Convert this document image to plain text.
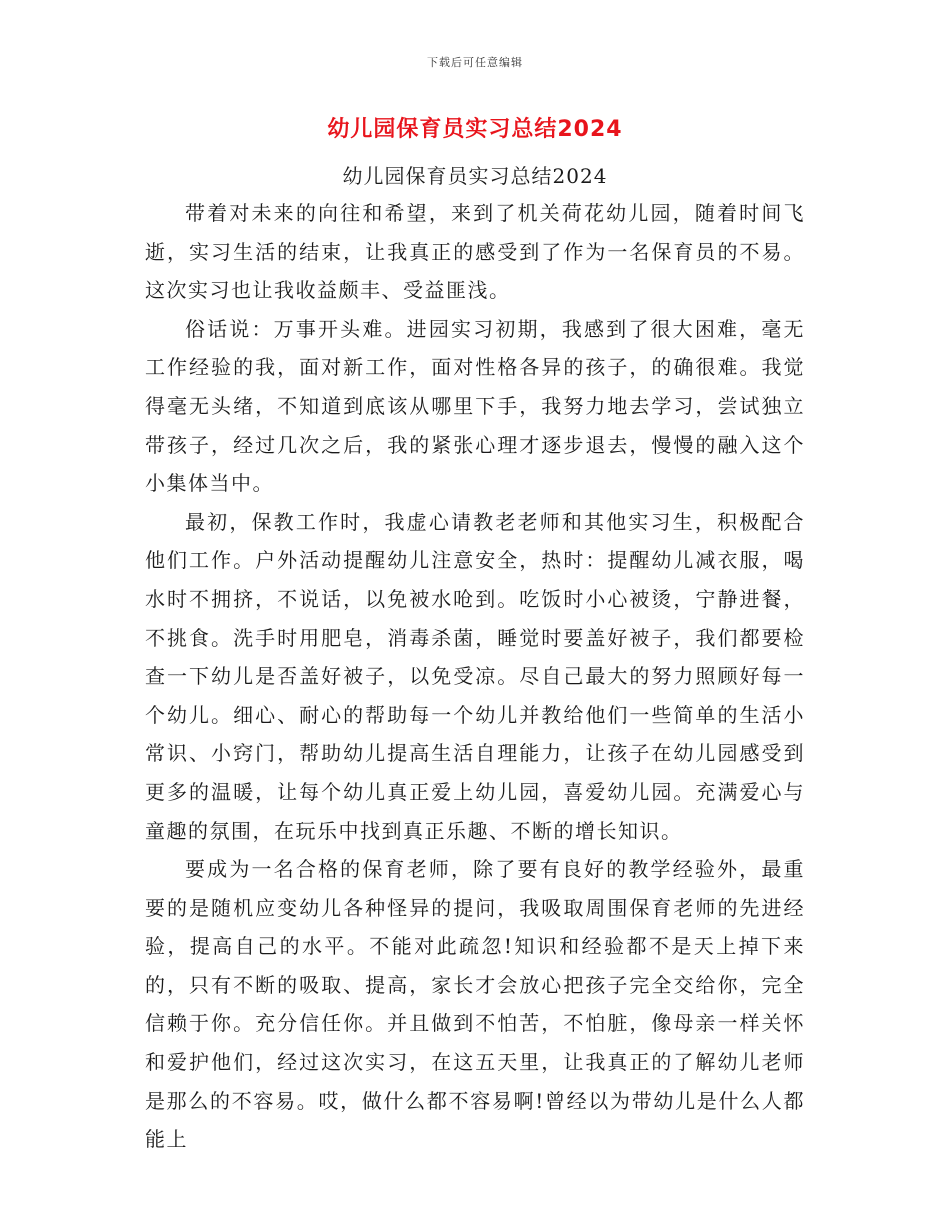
下载后可任意编辑
幼儿园保育员实习总结2024
幼儿园保育员实习总结2024

带着对未来的向往和希望，来到了机关荷花幼儿园，随着时间飞逝，实习生活的结束，让我真正的感受到了作为一名保育员的不易。这次实习也让我收益颇丰、受益匪浅。

俗话说：万事开头难。进园实习初期，我感到了很大困难，毫无工作经验的我，面对新工作，面对性格各异的孩子，的确很难。我觉得毫无头绪，不知道到底该从哪里下手，我努力地去学习，尝试独立带孩子，经过几次之后，我的紧张心理才逐步退去，慢慢的融入这个小集体当中。

最初，保教工作时，我虚心请教老老师和其他实习生，积极配合他们工作。户外活动提醒幼儿注意安全，热时：提醒幼儿减衣服，喝水时不拥挤，不说话，以免被水呛到。吃饭时小心被烫，宁静进餐，不挑食。洗手时用肥皂，消毒杀菌，睡觉时要盖好被子，我们都要检查一下幼儿是否盖好被子，以免受凉。尽自己最大的努力照顾好每一个幼儿。细心、耐心的帮助每一个幼儿并教给他们一些简单的生活小常识、小窍门，帮助幼儿提高生活自理能力，让孩子在幼儿园感受到更多的温暖，让每个幼儿真正爱上幼儿园，喜爱幼儿园。充满爱心与童趣的氛围，在玩乐中找到真正乐趣、不断的增长知识。

要成为一名合格的保育老师，除了要有良好的教学经验外，最重要的是随机应变幼儿各种怪异的提问，我吸取周围保育老师的先进经验，提高自己的水平。不能对此疏忽!知识和经验都不是天上掉下来的，只有不断的吸取、提高，家长才会放心把孩子完全交给你，完全信赖于你。充分信任你。并且做到不怕苦，不怕脏，像母亲一样关怀和爱护他们，经过这次实习，在这五天里，让我真正的了解幼儿老师是那么的不容易。哎，做什么都不容易啊!曾经以为带幼儿是什么人都能上
